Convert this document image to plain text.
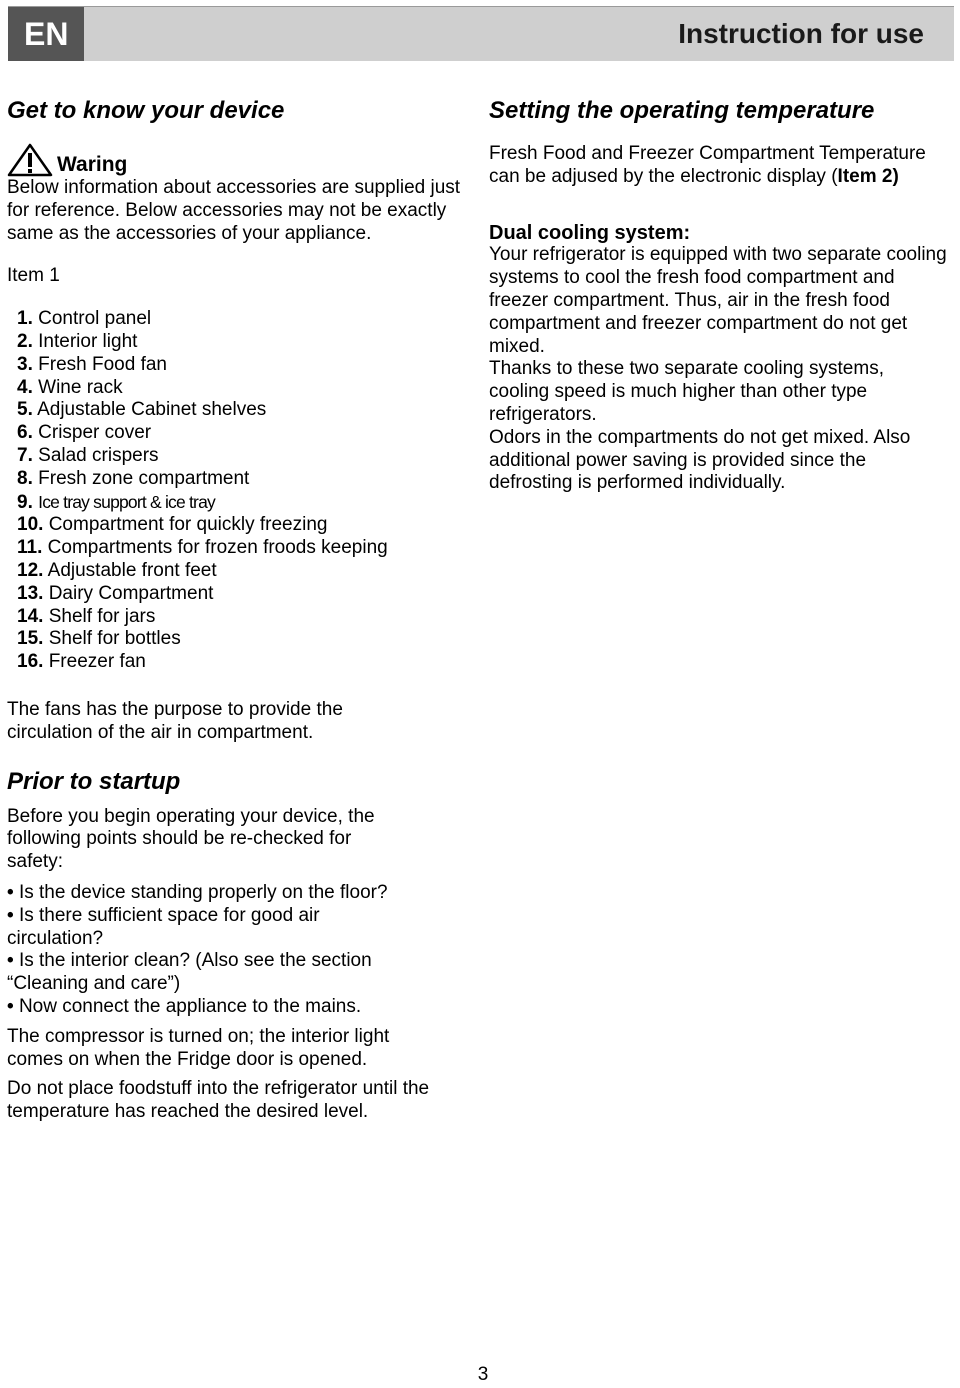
EN	Instruction for use
Get to know your device
Waring

Below information about accessories are supplied just for reference. Below accessories may not be exactly same as the accessories of your appliance.

Item 1

1. Control panel
2. Interior light
3. Fresh Food fan
4. Wine rack
5. Adjustable Cabinet shelves
6. Crisper cover
7. Salad crispers
8. Fresh zone compartment
9. Ice tray support & ice tray
10. Compartment for quickly freezing
11. Compartments for frozen froods keeping
12. Adjustable front feet
13. Dairy Compartment
14. Shelf for jars
15. Shelf for bottles
16. Freezer fan

The fans has the purpose to provide the circulation of the air in compartment.

Prior to startup

Before you begin operating your device, the following points should be re-checked for safety:

• Is the device standing properly on the floor?

• Is there sufficient space for good air circulation?

• Is the interior clean? (Also see the section “Cleaning and care”)

• Now connect the appliance to the mains.

The compressor is turned on; the interior light comes on when the Fridge door is opened.

Do not place foodstuff into the refrigerator until the temperature has reached the desired level.

Setting the operating temperature

Fresh Food and Freezer Compartment Temperature can be adjused by the electronic display (Item 2)

Dual cooling system:

Your refrigerator is equipped with two separate cooling systems to cool the fresh food compartment and freezer compartment. Thus, air in the fresh food compartment and freezer compartment do not get mixed.

Thanks to these two separate cooling systems, cooling speed is much higher than other type refrigerators.

Odors in the compartments do not get mixed. Also additional power saving is provided since the defrosting is performed individually.

3
